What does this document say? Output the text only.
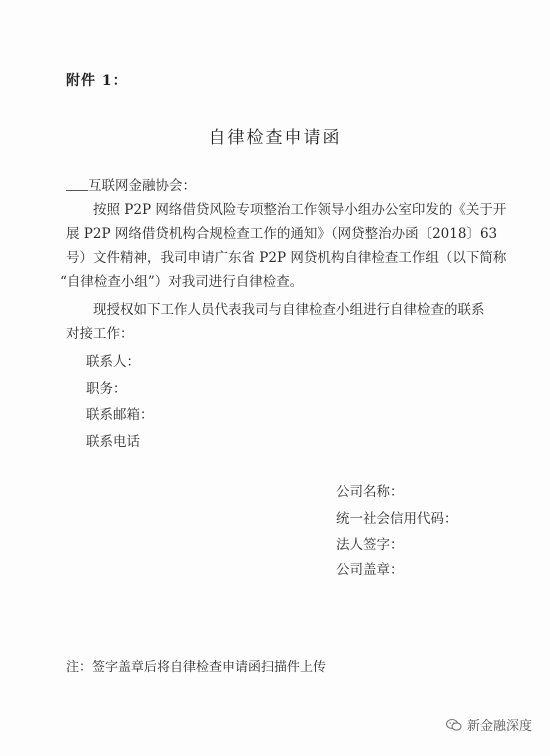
附件 1：
自律检查申请函
互联网金融协会：
按照 P2P 网络借贷风险专项整治工作领导小组办公室印发的《关于开
展 P2P 网络借贷机构合规检查工作的通知》（网贷整治办函〔2018〕63
号）文件精神，我司申请广东省 P2P 网贷机构自律检查工作组（以下简称
“自律检查小组”）对我司进行自律检查。
现授权如下工作人员代表我司与自律检查小组进行自律检查的联系
对接工作：
联系人：
职务：
联系邮箱：
联系电话
公司名称：
统一社会信用代码：
法人签字：
公司盖章：
注：签字盖章后将自律检查申请函扫描件上传
新金融深度
